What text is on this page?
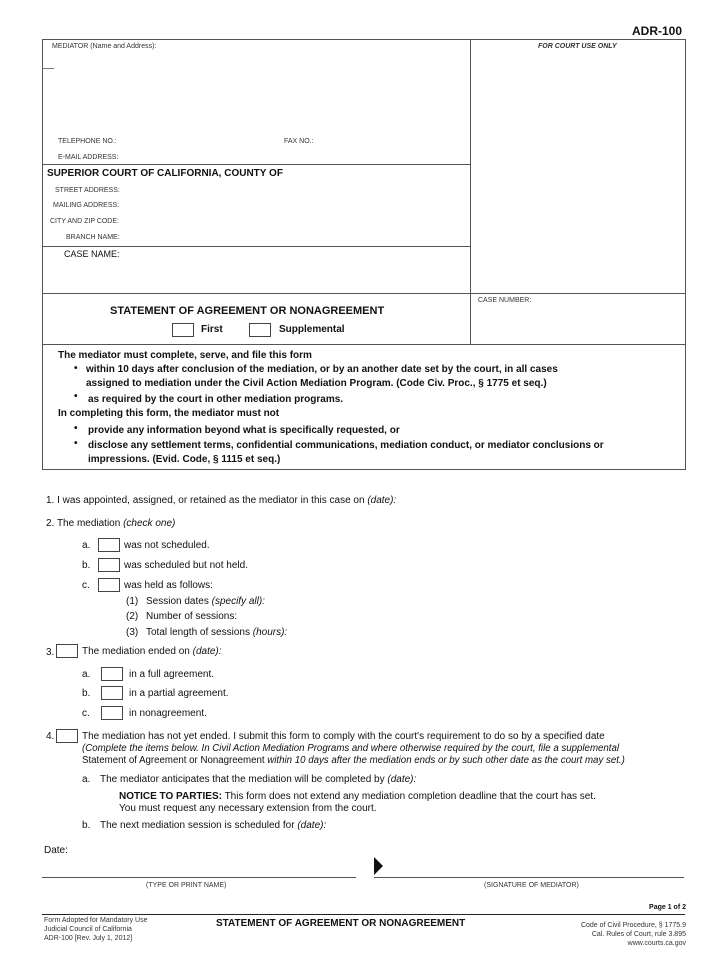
ADR-100
MEDIATOR (Name and Address):	FOR COURT USE ONLY
TELEPHONE NO.:	FAX NO.:
E-MAIL ADDRESS:
SUPERIOR COURT OF CALIFORNIA, COUNTY OF
STREET ADDRESS:
MAILING ADDRESS:
CITY AND ZIP CODE:
BRANCH NAME:
CASE NAME:
CASE NUMBER:
STATEMENT OF AGREEMENT OR NONAGREEMENT
First	Supplemental
The mediator must complete, serve, and file this form
• within 10 days after conclusion of the mediation, or by an another date set by the court, in all cases
assigned to mediation under the Civil Action Mediation Program. (Code Civ. Proc., § 1775 et seq.)
• as required by the court in other mediation programs.
In completing this form, the mediator must not
• provide any information beyond what is specifically requested, or
• disclose any settlement terms, confidential communications, mediation conduct, or mediator conclusions or
impressions. (Evid. Code, § 1115 et seq.)
1. I was appointed, assigned, or retained as the mediator in this case on (date):
2. The mediation (check one)
a.	was not scheduled.
b.	was scheduled but not held.
c.	was held as follows:
(1) Session dates (specify all):
(2) Number of sessions:
(3) Total length of sessions (hours):
3.	The mediation ended on (date):
a.	in a full agreement.
b.	in a partial agreement.
c.	in nonagreement.
4.	The mediation has not yet ended. I submit this form to comply with the court's requirement to do so by a specified date
(Complete the items below. In Civil Action Mediation Programs and where otherwise required by the court, file a supplemental
Statement of Agreement or Nonagreement within 10 days after the mediation ends or by such other date as the court may set.)
a. The mediator anticipates that the mediation will be completed by (date):
NOTICE TO PARTIES: This form does not extend any mediation completion deadline that the court has set.
You must request any necessary extension from the court.
b. The next mediation session is scheduled for (date):
Date:
(TYPE OR PRINT NAME)	(SIGNATURE OF MEDIATOR)
Page 1 of 2
Form Adopted for Mandatory Use
Judicial Council of California
ADR-100 [Rev. July 1, 2012]
STATEMENT OF AGREEMENT OR NONAGREEMENT	Code of Civil Procedure, § 1775.9
Cal. Rules of Court, rule 3.895
www.courts.ca.gov
